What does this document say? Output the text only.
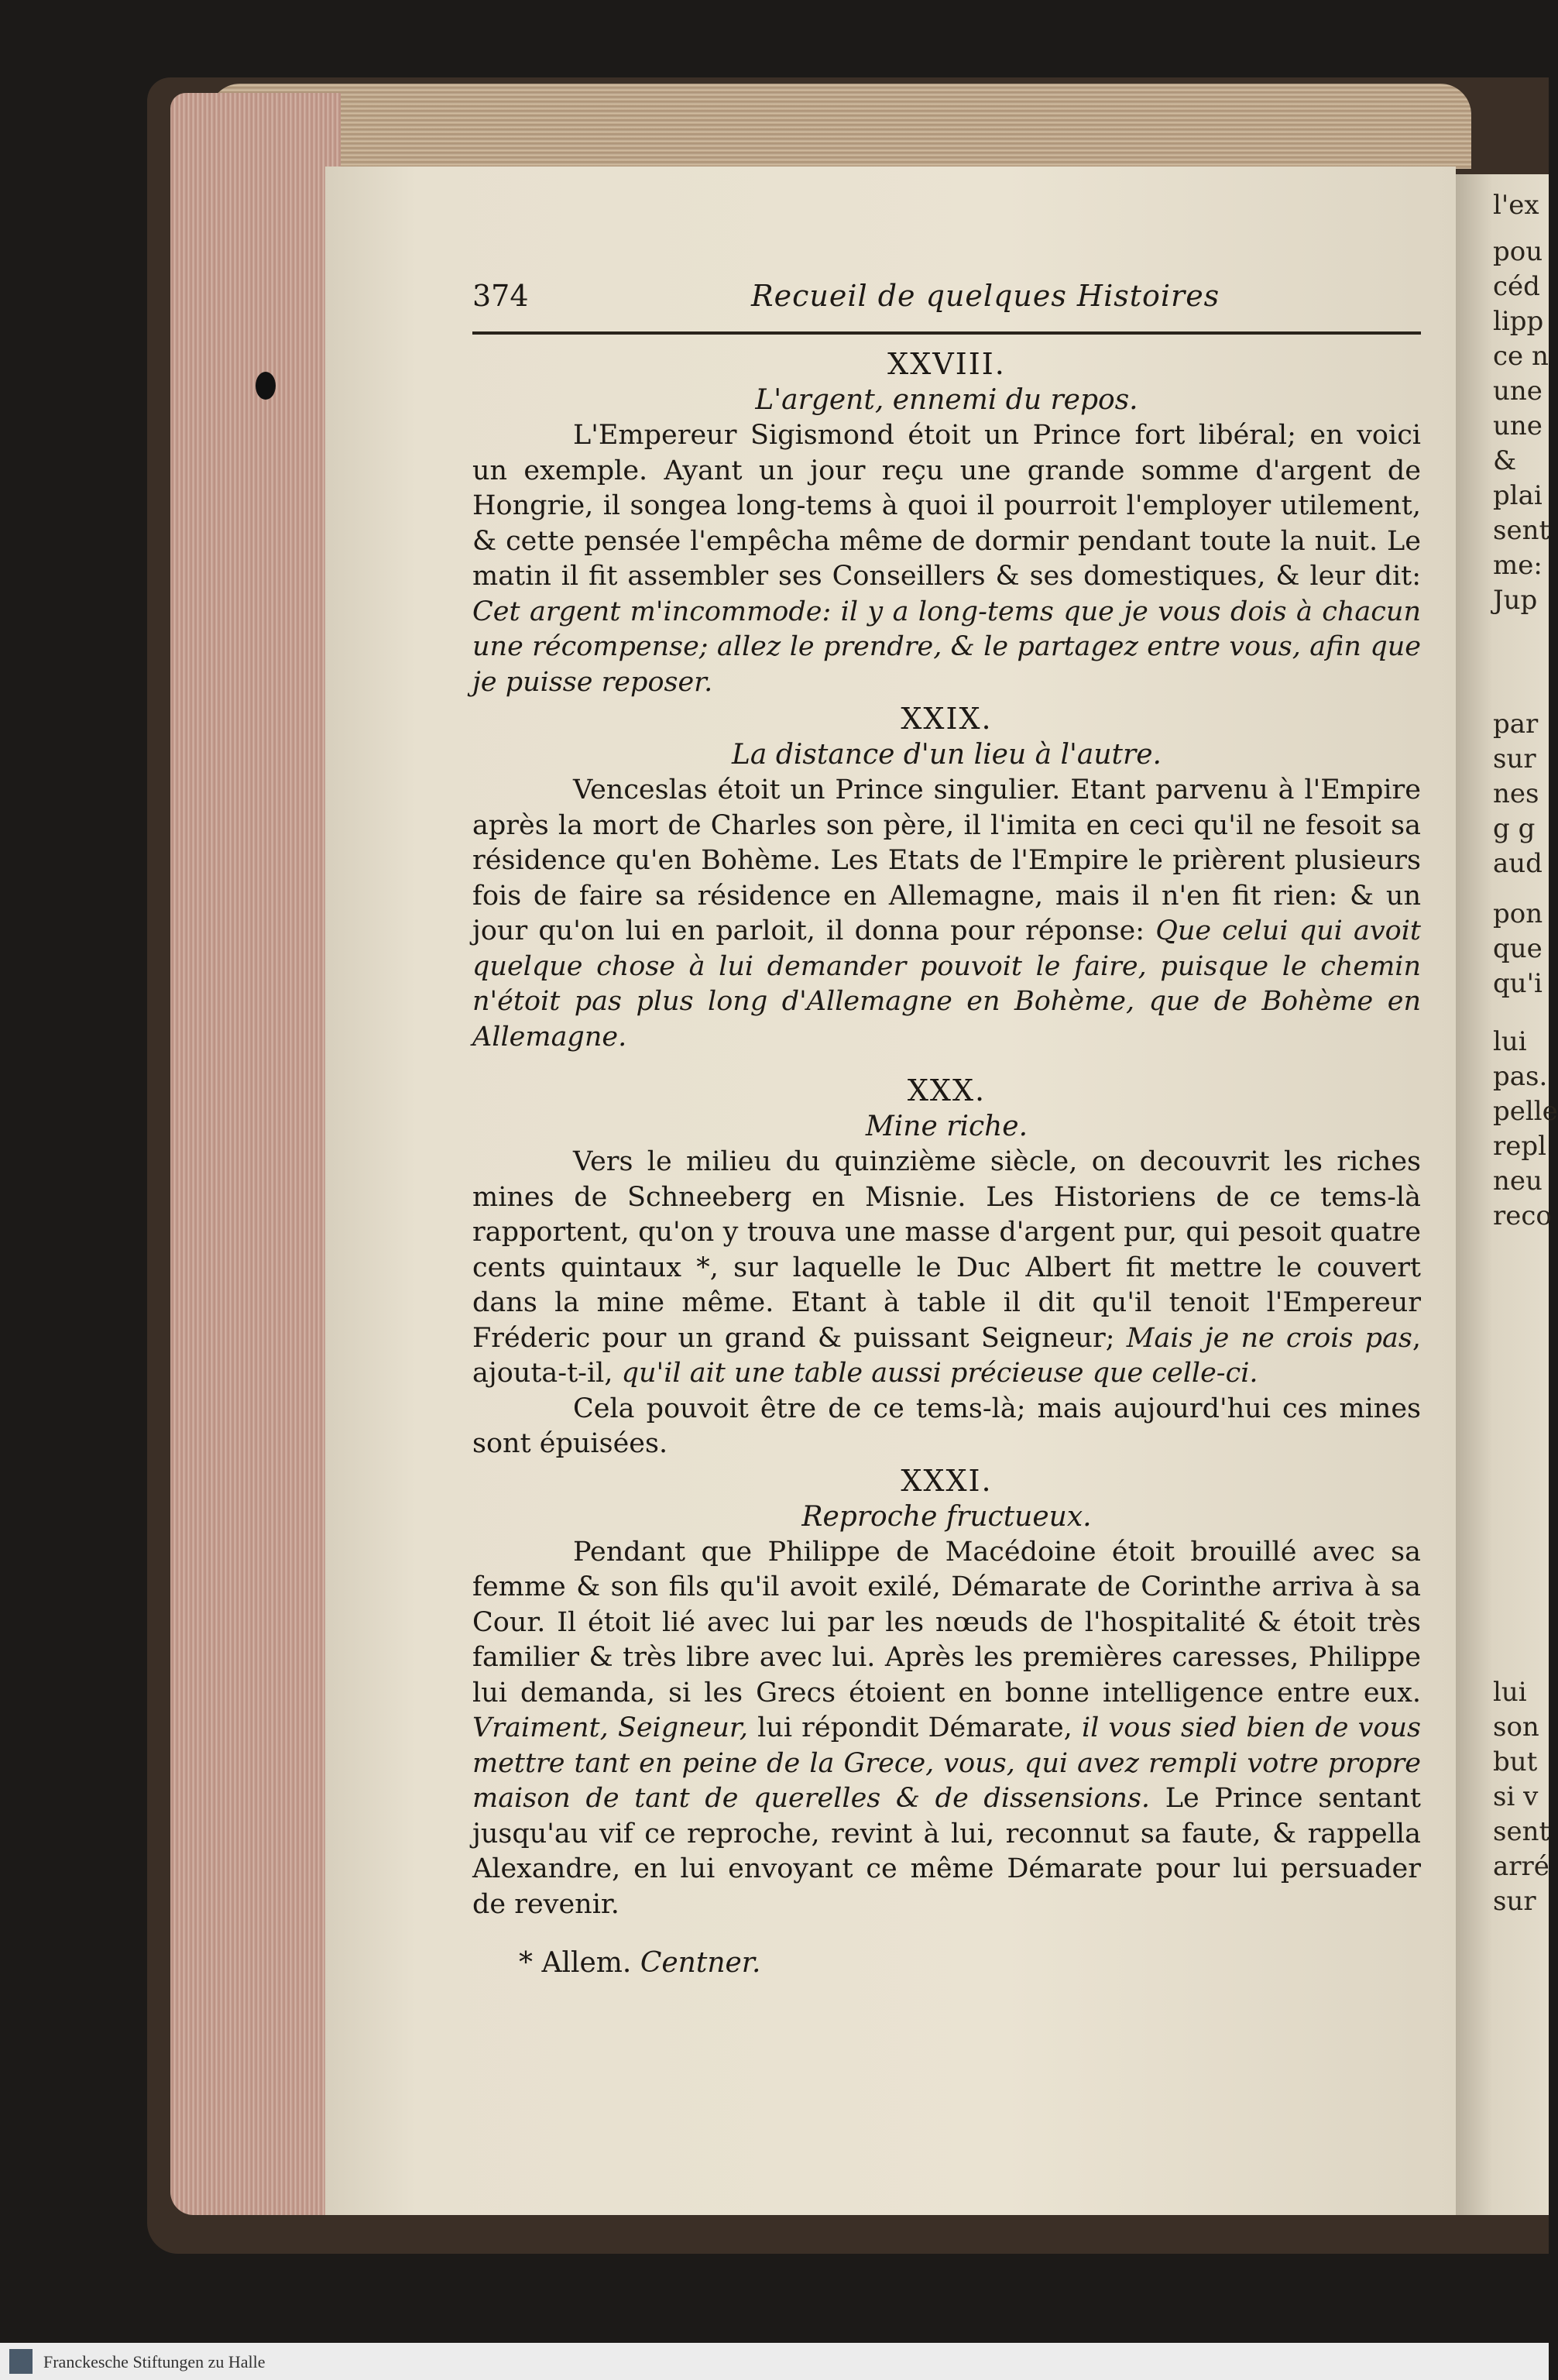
l'ex
pou
céd
lipp
ce n
une
une
&
plai
sent
me:
Jup
par
sur
nes
g g
aud
pon
que
qu'i
lui
pas.
pelle
repl
neu
reco
lui
son
but
si v
sent
arré
sur
374	Recueil de quelques Histoires

XXVIII.

L'argent, ennemi du repos.

L'Empereur Sigismond étoit un Prince fort libéral; en voici un exemple. Ayant un jour reçu une grande somme d'argent de Hongrie, il songea long-tems à quoi il pourroit l'employer utilement, & cette pensée l'empêcha même de dormir pendant toute la nuit. Le matin il fit assembler ses Conseillers & ses domestiques, & leur dit: Cet argent m'incommode: il y a long-tems que je vous dois à chacun une récompense; allez le prendre, & le partagez entre vous, afin que je puisse reposer.

XXIX.

La distance d'un lieu à l'autre.

Venceslas étoit un Prince singulier. Etant parvenu à l'Empire après la mort de Charles son père, il l'imita en ceci qu'il ne fesoit sa résidence qu'en Bohème. Les Etats de l'Empire le prièrent plusieurs fois de faire sa résidence en Allemagne, mais il n'en fit rien: & un jour qu'on lui en parloit, il donna pour réponse: Que celui qui avoit quelque chose à lui demander pouvoit le faire, puisque le chemin n'étoit pas plus long d'Allemagne en Bohème, que de Bohème en Allemagne.

XXX.

Mine riche.

Vers le milieu du quinzième siècle, on decouvrit les riches mines de Schneeberg en Misnie. Les Historiens de ce tems-là rapportent, qu'on y trouva une masse d'argent pur, qui pesoit quatre cents quintaux *, sur laquelle le Duc Albert fit mettre le couvert dans la mine même. Etant à table il dit qu'il tenoit l'Empereur Fréderic pour un grand & puissant Seigneur; Mais je ne crois pas, ajouta-t-il, qu'il ait une table aussi précieuse que celle-ci.

Cela pouvoit être de ce tems-là; mais aujourd'hui ces mines sont épuisées.

XXXI.

Reproche fructueux.

Pendant que Philippe de Macédoine étoit brouillé avec sa femme & son fils qu'il avoit exilé, Démarate de Corinthe arriva à sa Cour. Il étoit lié avec lui par les nœuds de l'hospitalité & étoit très familier & très libre avec lui. Après les premières caresses, Philippe lui demanda, si les Grecs étoient en bonne intelligence entre eux. Vraiment, Seigneur, lui répondit Démarate, il vous sied bien de vous mettre tant en peine de la Grece, vous, qui avez rempli votre propre maison de tant de querelles & de dissensions. Le Prince sentant jusqu'au vif ce reproche, revint à lui, reconnut sa faute, & rappella Alexandre, en lui envoyant ce même Démarate pour lui persuader de revenir.

* Allem. Centner.

Franckesche Stiftungen zu Halle
